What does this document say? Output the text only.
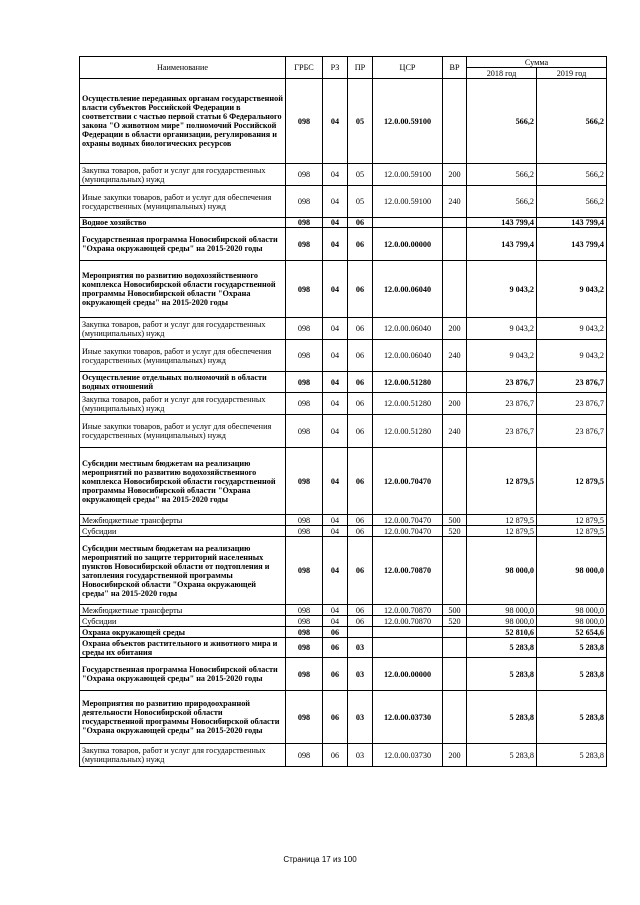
Наименование	ГРБС	РЗ	ПР	ЦСР	ВР	Сумма	
						2018 год	2019 год
Осуществление переданных органам государственной власти субъектов Российской Федерации в соответствии с частью первой статьи 6 Федерального закона "О животном мире" полномочий Российской Федерации в области организации, регулирования и охраны водных биологических ресурсов	098	04	05	12.0.00.59100		566,2	566,2
Закупка товаров, работ и услуг для государственных (муниципальных) нужд	098	04	05	12.0.00.59100	200	566,2	566,2
Иные закупки товаров, работ и услуг для обеспечения государственных (муниципальных) нужд	098	04	05	12.0.00.59100	240	566,2	566,2
Водное хозяйство	098	04	06			143 799,4	143 799,4
Государственная программа Новосибирской области "Охрана окружающей среды" на 2015-2020 годы	098	04	06	12.0.00.00000		143 799,4	143 799,4
Мероприятия по развитию водохозяйственного комплекса Новосибирской области государственной программы Новосибирской области "Охрана окружающей среды" на 2015-2020 годы	098	04	06	12.0.00.06040		9 043,2	9 043,2
Закупка товаров, работ и услуг для государственных (муниципальных) нужд	098	04	06	12.0.00.06040	200	9 043,2	9 043,2
Иные закупки товаров, работ и услуг для обеспечения государственных (муниципальных) нужд	098	04	06	12.0.00.06040	240	9 043,2	9 043,2
Осуществление отдельных полномочий в области водных отношений	098	04	06	12.0.00.51280		23 876,7	23 876,7
Закупка товаров, работ и услуг для государственных (муниципальных) нужд	098	04	06	12.0.00.51280	200	23 876,7	23 876,7
Иные закупки товаров, работ и услуг для обеспечения государственных (муниципальных) нужд	098	04	06	12.0.00.51280	240	23 876,7	23 876,7
Субсидии местным бюджетам на реализацию мероприятий по развитию водохозяйственного комплекса Новосибирской области государственной программы Новосибирской области "Охрана окружающей среды" на 2015-2020 годы	098	04	06	12.0.00.70470		12 879,5	12 879,5
Межбюджетные трансферты	098	04	06	12.0.00.70470	500	12 879,5	12 879,5
Субсидии	098	04	06	12.0.00.70470	520	12 879,5	12 879,5
Субсидии местным бюджетам на реализацию мероприятий по защите территорий населенных пунктов Новосибирской области от подтопления и затопления государственной программы Новосибирской области "Охрана окружающей среды" на 2015-2020 годы	098	04	06	12.0.00.70870		98 000,0	98 000,0
Межбюджетные трансферты	098	04	06	12.0.00.70870	500	98 000,0	98 000,0
Субсидии	098	04	06	12.0.00.70870	520	98 000,0	98 000,0
Охрана окружающей среды	098	06				52 810,6	52 654,6
Охрана объектов растительного и животного мира и среды их обитания	098	06	03			5 283,8	5 283,8
Государственная программа Новосибирской области "Охрана окружающей среды" на 2015-2020 годы	098	06	03	12.0.00.00000		5 283,8	5 283,8
Мероприятия по развитию природоохранной деятельности Новосибирской области государственной программы Новосибирской области "Охрана окружающей среды" на 2015-2020 годы	098	06	03	12.0.00.03730		5 283,8	5 283,8
Закупка товаров, работ и услуг для государственных (муниципальных) нужд	098	06	03	12.0.00.03730	200	5 283,8	5 283,8
Страница 17 из 100
